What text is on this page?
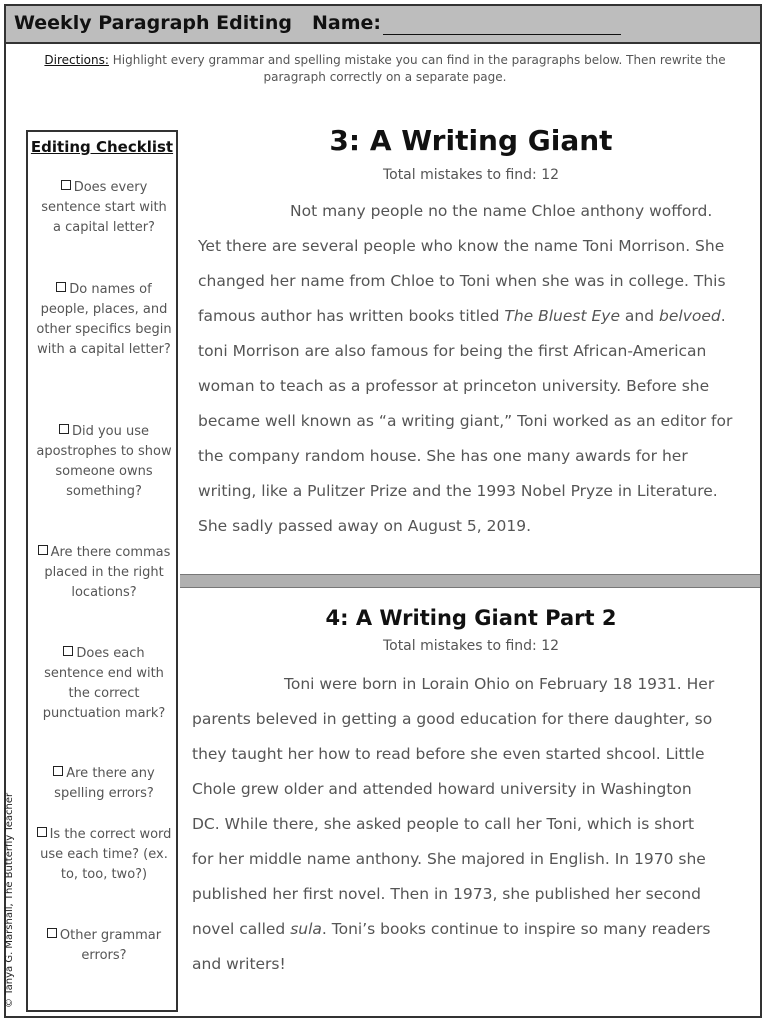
Weekly Paragraph Editing Name:
Directions: Highlight every grammar and spelling mistake you can find in the paragraphs below. Then rewrite the paragraph correctly on a separate page.
Editing Checklist
Does every sentence start with a capital letter?
Do names of people, places, and other specifics begin with a capital letter?
Did you use apostrophes to show someone owns something?
Are there commas placed in the right locations?
Does each sentence end with the correct punctuation mark?
Are there any spelling errors?
Is the correct word use each time? (ex. to, too, two?)
Other grammar errors?
© Tanya G. Marshall, The Butterfly Teacher
3: A Writing Giant
Total mistakes to find: 12
Not many people no the name Chloe anthony wofford.
Yet there are several people who know the name Toni Morrison. She
changed her name from Chloe to Toni when she was in college. This
famous author has written books titled The Bluest Eye and belvoed.
toni Morrison are also famous for being the first African-American
woman to teach as a professor at princeton university. Before she
became well known as “a writing giant,” Toni worked as an editor for
the company random house. She has one many awards for her
writing, like a Pulitzer Prize and the 1993 Nobel Pryze in Literature.
She sadly passed away on August 5, 2019.
4: A Writing Giant Part 2
Total mistakes to find: 12
Toni were born in Lorain Ohio on February 18 1931. Her
parents beleved in getting a good education for there daughter, so
they taught her how to read before she even started shcool. Little
Chole grew older and attended howard university in Washington
DC. While there, she asked people to call her Toni, which is short
for her middle name anthony. She majored in English. In 1970 she
published her first novel. Then in 1973, she published her second
novel called sula. Toni’s books continue to inspire so many readers
and writers!
